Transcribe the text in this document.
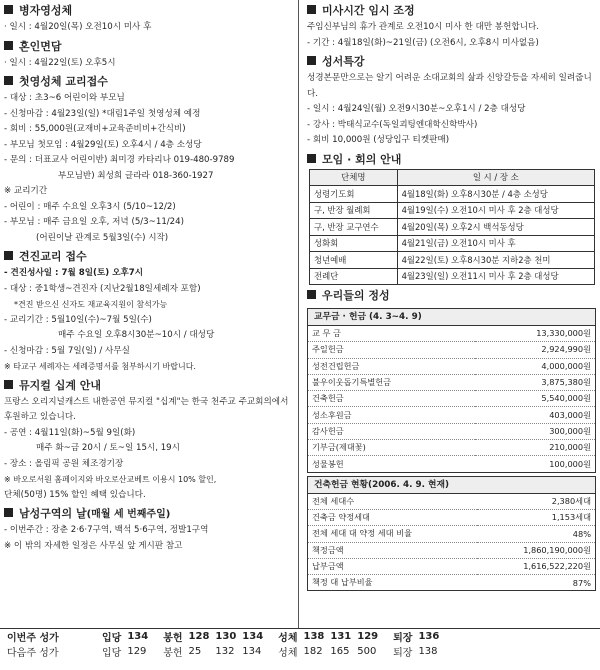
병자영성체
· 일시 : 4월20일(목) 오전10시 미사 후
혼인면담
· 일시 : 4월22일(토) 오후5시
첫영성체 교리접수
- 대상 : 초3~6 어린이와 부모님
- 신청마감 : 4월23일(일) *대림1주일 첫영성체 예정
- 회비 : 55,000원(교재비+교육준비비+간식비)
- 부모님 첫모임 : 4월29일(토) 오후4시 / 4층 소성당
- 문의 : 더표교사 어린이반) 최미경 카타리나 019-480-9789
부모님반) 최성희 글라라 018-360-1927
※ 교리기간
- 어린이 : 매주 수요일 오후3시 (5/10~12/2)
- 부모님 : 매주 금요일 오후, 저녁 (5/3~11/24)
(어린이날 관계로 5월3일(수) 시작)
견진교리 접수
- 견진성사일 : 7월 8일(토) 오후7시
- 대상 : 중1학생~견진자 (지난2월18일세례자 포함)
*견진 받으신 신자도 재교육지원이 참석가능
- 교리기간 : 5월10일(수)~7월 5일(수)
매주 수요일 오후8시30분~10시 / 대성당
- 신청마감 : 5월 7일(일) / 사무실
※ 타교구 세례자는 세례증명서를 첨부하시기 바랍니다.
뮤지컬 십계 안내
프랑스 오리지널캐스트 내한공연 뮤지컬 "십계"는 한국 천주교 주교회의에서 후원하고 있습니다.
- 공연 : 4월11일(화)~5월 9일(화)
매주 화~금 20시 / 토~일 15시, 19시
- 장소 : 올림픽 공원 체조경기장
※ 바오로서원 홈페이지와 바오로산교베트 이용시 10% 할인,
단체(50명) 15% 할인 혜택 있습니다.
남성구역의 날(매월 세 번째주일)
- 이번주간 : 장춘 2·6·7구역, 백석 5·6구역, 정발1구역
※ 이 밖의 자세한 일정은 사무실 앞 게시판 참고
미사시간 임시 조정
주임신부님의 휴가 관계로 오전10시 미사 한 대만 봉헌합니다.
- 기간 : 4월18일(화)~21일(금) (오전6시, 오후8시 미사없음)
성서특강
성경본문만으로는 알기 어려운 소대교회의 삶과 신앙갈등을 자세히 일려줍니다.
- 일시 : 4월24일(월) 오전9시30분~오후1시 / 2층 대성당
- 강사 : 박태식교수(독일괴팅엔대학신학박사)
- 회비 10,000원 (성당입구 티켓판매)
모임 · 회의 안내
단체명	일 시 / 장 소
성령기도회	4월18일(화) 오후8시30분 / 4층 소성당
구, 반장 월례회	4월19일(수) 오전10시 미사 후 2층 대성당
구, 반장 교구연수	4월20일(목) 오후2시 백석동성당
성화회	4월21일(금) 오전10시 미사 후
청년예배	4월22일(토) 오후8시30분 지하2층 천미
전례단	4월23일(일) 오전11시 미사 후 2층 대성당
우리들의 정성
교무금 · 헌금 (4. 3~4. 9)
교 무 금	13,330,000원
주일헌금	2,924,990원
성전건립헌금	4,000,000원
불우이웃돕기특별헌금	3,875,380원
건축헌금	5,540,000원
성소후원금	403,000원
감사헌금	300,000원
기부금(제대꽃)	210,000원
성물봉헌	100,000원
건축헌금 현황(2006. 4. 9. 현재)
전체 세대수	2,380세대
건축금 약정세대	1,153세대
전체 세대 대 약정 세대 비율	48%
책정금액	1,860,190,000원
납부금액	1,616,522,220원
책정 대 납부비율	87%
이번주 성가	입당	134	봉헌	128	130	134	성체	138	131	129	퇴장	136
다음주 성가	입당	129	봉헌	25	132	134	성체	182	165	500	퇴장	138
